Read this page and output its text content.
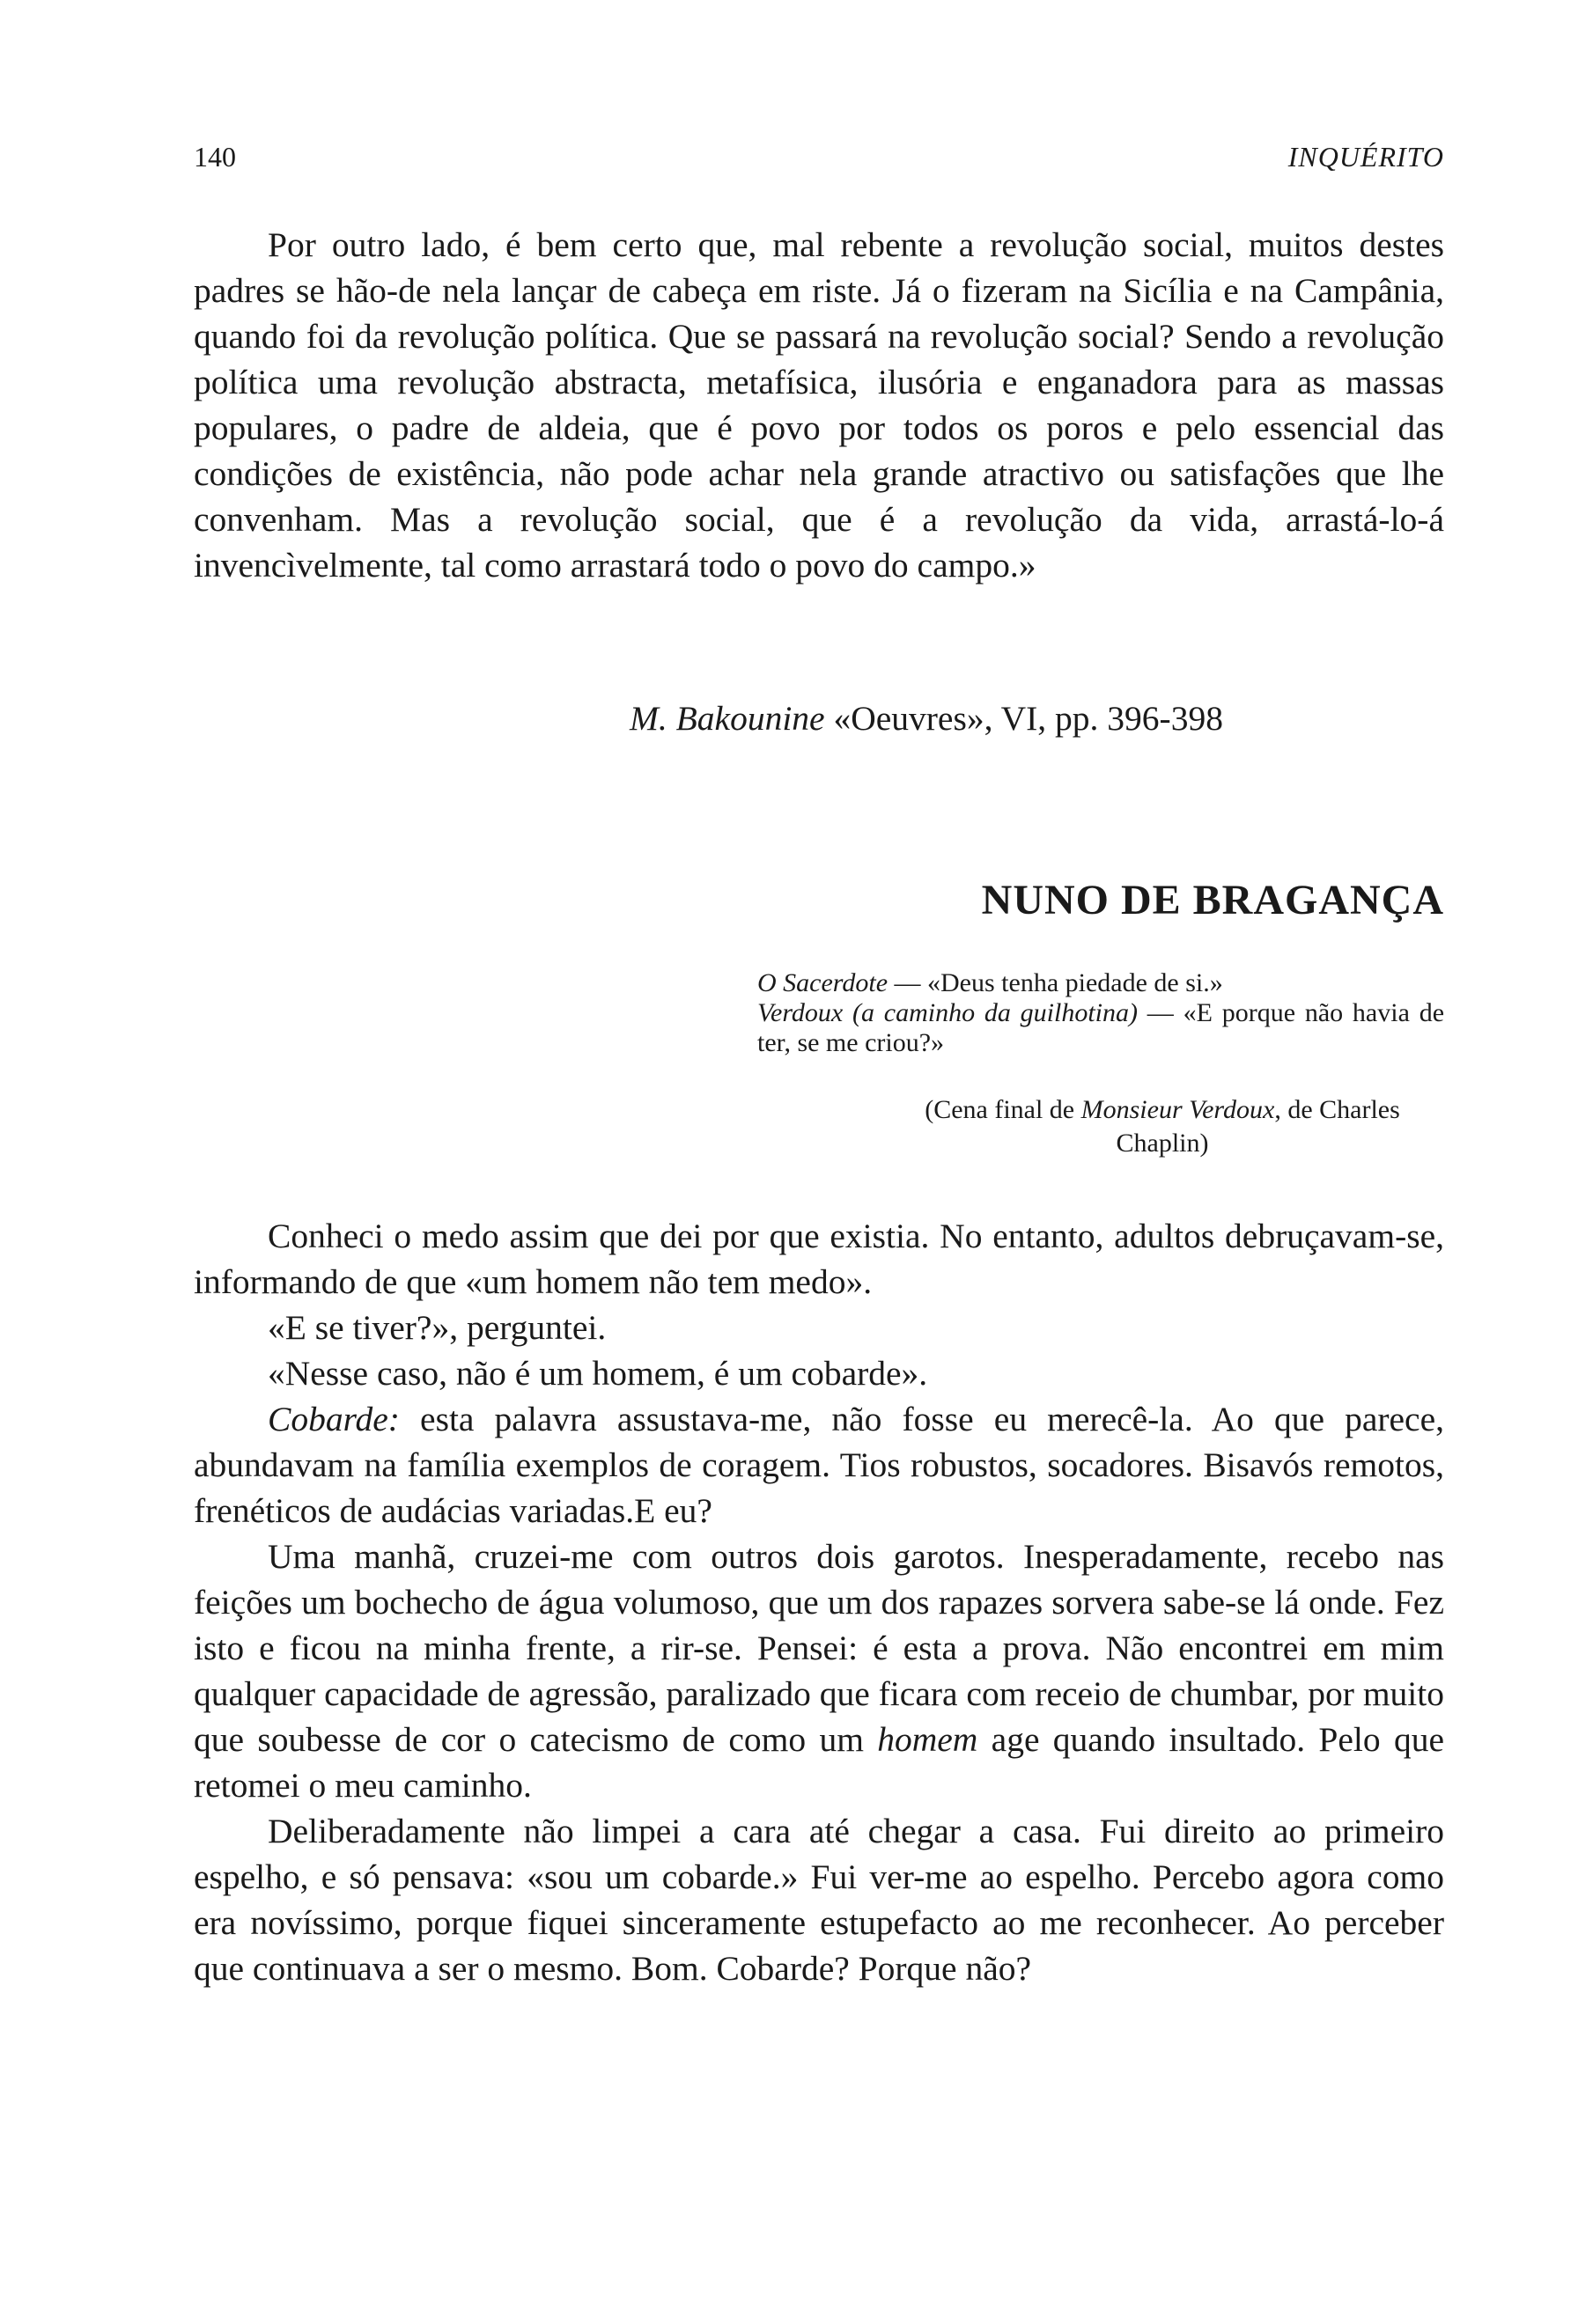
140	INQUÉRITO

Por outro lado, é bem certo que, mal rebente a revolução social, muitos destes padres se hão-de nela lançar de cabeça em riste. Já o fizeram na Sicília e na Campânia, quando foi da revolução política. Que se passará na revolução social? Sendo a revolução política uma revolução abstracta, metafísica, ilusória e enganadora para as massas populares, o padre de aldeia, que é povo por todos os poros e pelo essencial das condições de existência, não pode achar nela grande atractivo ou satisfações que lhe convenham. Mas a revolução social, que é a revolução da vida, arrastá-lo-á invencìvelmente, tal como arrastará todo o povo do campo.»

M. Bakounine «Oeuvres», VI, pp. 396-398
NUNO DE BRAGANÇA

O Sacerdote — «Deus tenha piedade de si.»

Verdoux (a caminho da guilhotina) — «E porque não havia de ter, se me criou?»

(Cena final de Monsieur Verdoux, de Charles Chaplin)

Conheci o medo assim que dei por que existia. No entanto, adultos debruçavam-se, informando de que «um homem não tem medo».

«E se tiver?», perguntei.

«Nesse caso, não é um homem, é um cobarde».

Cobarde: esta palavra assustava-me, não fosse eu merecê-la. Ao que parece, abundavam na família exemplos de coragem. Tios robustos, socadores. Bisavós remotos, frenéticos de audácias variadas.E eu?

Uma manhã, cruzei-me com outros dois garotos. Inesperadamente, recebo nas feições um bochecho de água volumoso, que um dos rapazes sorvera sabe-se lá onde. Fez isto e ficou na minha frente, a rir-se. Pensei: é esta a prova. Não encontrei em mim qualquer capacidade de agressão, paralizado que ficara com receio de chumbar, por muito que soubesse de cor o catecismo de como um homem age quando insultado. Pelo que retomei o meu caminho.

Deliberadamente não limpei a cara até chegar a casa. Fui direito ao primeiro espelho, e só pensava: «sou um cobarde.» Fui ver-me ao espelho. Percebo agora como era novíssimo, porque fiquei sinceramente estupefacto ao me reconhecer. Ao perceber que continuava a ser o mesmo. Bom. Cobarde? Porque não?
